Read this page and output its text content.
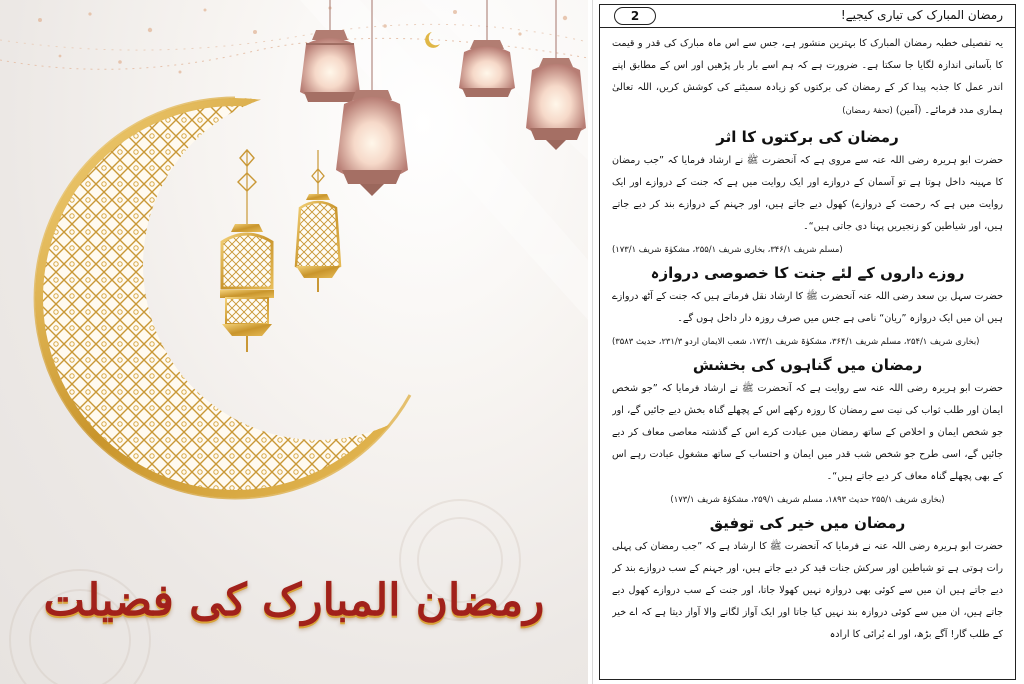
رمضان المبارک کی فضیلت
2	رمضان المبارک کی تیاری کیجیے!

یہ تفصیلی خطبہ رمضان المبارک کا بہترین منشور ہے، جس سے اس ماہ مبارک کی قدر و قیمت کا بآسانی اندازہ لگایا جا سکتا ہے۔ ضرورت ہے کہ ہم اسے بار بار پڑھیں اور اس کے مطابق اپنے اندر عمل کا جذبہ پیدا کر کے رمضان کی برکتوں کو زیادہ سمیٹنے کی کوشش کریں، اللہ تعالیٰ ہماری مدد فرمائے۔ (آمین) (تحفۂ رمضان)

رمضان کی برکتوں کا اثر

حضرت ابو ہریرہ رضی اللہ عنہ سے مروی ہے کہ آنحضرت ﷺ نے ارشاد فرمایا کہ ”جب رمضان کا مہینہ داخل ہوتا ہے تو آسمان کے دروازے اور ایک روایت میں ہے کہ جنت کے دروازے اور ایک روایت میں ہے کہ رحمت کے دروازے) کھول دیے جاتے ہیں، اور جہنم کے دروازے بند کر دیے جاتے ہیں، اور شیاطین کو زنجیریں پہنا دی جاتی ہیں“۔

(مسلم شریف ۳۴۶/۱، بخاری شریف ۲۵۵/۱، مشکوٰۃ شریف ۱۷۳/۱)

روزے داروں کے لئے جنت کا خصوصی دروازہ

حضرت سہل بن سعد رضی اللہ عنہ آنحضرت ﷺ کا ارشاد نقل فرماتے ہیں کہ جنت کے آٹھ دروازے ہیں ان میں ایک دروازہ ”ریان“ نامی ہے جس میں صرف روزہ دار داخل ہوں گے۔

(بخاری شریف ۲۵۴/۱، مسلم شریف ۳۶۴/۱، مشکوٰۃ شریف ۱۷۳/۱، شعب الایمان اردو ۲۳۱/۳، حدیث ۳۵۸۳)

رمضان میں گناہوں کی بخشش

حضرت ابو ہریرہ رضی اللہ عنہ سے روایت ہے کہ آنحضرت ﷺ نے ارشاد فرمایا کہ ”جو شخص ایمان اور طلب ثواب کی نیت سے رمضان کا روزہ رکھے اس کے پچھلے گناہ بخش دیے جائیں گے، اور جو شخص ایمان و اخلاص کے ساتھ رمضان میں عبادت کرے اس کے گذشتہ معاصی معاف کر دیے جائیں گے، اسی طرح جو شخص شب قدر میں ایمان و احتساب کے ساتھ مشغول عبادت رہے اس کے بھی پچھلے گناہ معاف کر دیے جاتے ہیں“۔

(بخاری شریف ۲۵۵/۱ حدیث ۱۸۹۳، مسلم شریف ۲۵۹/۱، مشکوٰۃ شریف ۱۷۳/۱)

رمضان میں خیر کی توفیق

حضرت ابو ہریرہ رضی اللہ عنہ نے فرمایا کہ آنحضرت ﷺ کا ارشاد ہے کہ ”جب رمضان کی پہلی رات ہوتی ہے تو شیاطین اور سرکش جنات قید کر دیے جاتے ہیں، اور جہنم کے سب دروازے بند کر دیے جاتے ہیں ان میں سے کوئی بھی دروازہ نہیں کھولا جاتا، اور جنت کے سب دروازے کھول دیے جاتے ہیں، ان میں سے کوئی دروازہ بند نہیں کیا جاتا اور ایک آواز لگانے والا آواز دیتا ہے کہ اے خیر کے طلب گار! آگے بڑھ، اور اے بُرائی کا ارادہ
